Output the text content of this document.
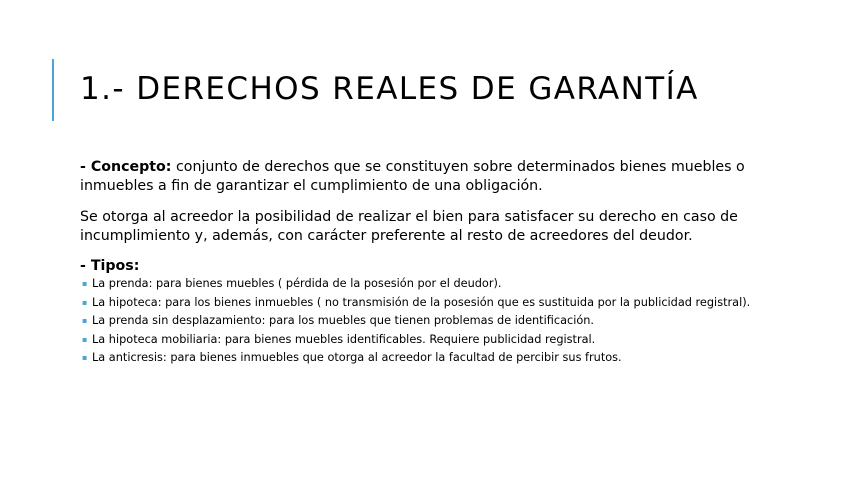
1.- DERECHOS REALES DE GARANTÍA

- Concepto: conjunto de derechos que se constituyen sobre determinados bienes muebles o inmuebles a fin de garantizar el cumplimiento de una obligación.

Se otorga al acreedor la posibilidad de realizar el bien para satisfacer su derecho en caso de incumplimiento y, además, con carácter preferente al resto de acreedores del deudor.

- Tipos:

▪ La prenda: para bienes muebles ( pérdida de la posesión por el deudor).
▪ La hipoteca: para los bienes inmuebles ( no transmisión de la posesión que es sustituida por la publicidad registral).
▪ La prenda sin desplazamiento: para los muebles que tienen problemas de identificación.
▪ La hipoteca mobiliaria: para bienes muebles identificables. Requiere publicidad registral.
▪ La anticresis: para bienes inmuebles que otorga al acreedor la facultad de percibir sus frutos.
